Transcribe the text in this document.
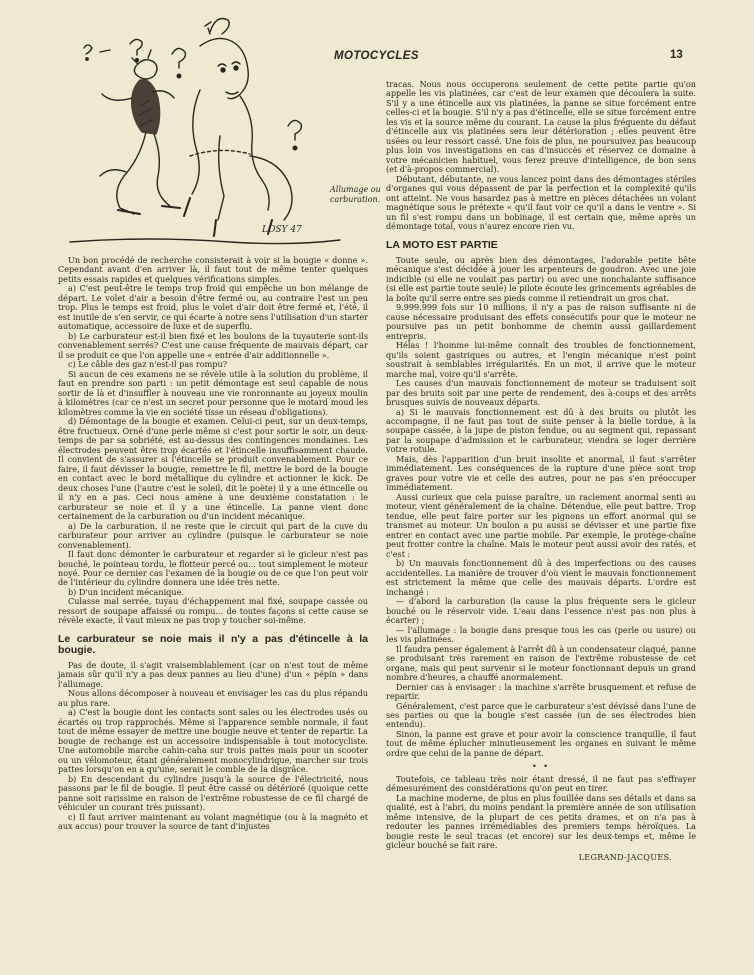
MOTOCYCLES	13
LOSY 47
Allumage ou carburation.

Un bon procédé de recherche consisterait à voir si la bougie « donne ». Cependant avant d'en arriver là, il faut tout de même tenter quelques petits essais rapides et quelques vérifications simples.

a) C'est peut-être le temps trop froid qui empêche un bon mélange de départ. Le volet d'air a besoin d'être fermé ou, au contraire l'est un peu trop. Plus le temps est froid, plus le volet d'air doit être fermé et, l'été, il est inutile de s'en servir, ce qui écarte à notre sens l'utilisation d'un starter automatique, accessoire de luxe et de superflu.

b) Le carburateur est-il bien fixé et les boulons de la tuyauterie sont-ils convenablement serrés? C'est une cause fréquente de mauvais départ, car il se produit ce que l'on appelle une « entrée d'air additionnelle ».

c) Le câble des gaz n'est-il pas rompu?

Si aucun de ces examens ne se révèle utile à la solution du problème, il faut en prendre son parti : un petit démontage est seul capable de nous sortir de là et d'insuffler à nouveau une vie ronronnante au joyeux moulin à kilomètres (car ce n'est un secret pour personne que le motard moud les kilomètres comme la vie en société tisse un réseau d'obligations).

d) Démontage de la bougie et examen. Celui-ci peut, sur un deux-temps, être fructueux. Orné d'une perle même si c'est pour sortir le soir, un deux-temps de par sa sobriété, est au-dessus des contingences mondaines. Les électrodes peuvent être trop écartés et l'étincelle insuffisamment chaude. Il convient de s'assurer si l'étincelle se produit convenablement. Pour ce faire, il faut dévisser la bougie, remettre le fil, mettre le bord de la bougie en contact avec le bord métallique du cylindre et actionner le kick. De deux choses l'une (l'autre c'est le soleil, dit le poète) il y a une étincelle ou il n'y en a pas. Ceci nous amène à une deuxième constatation : le carburateur se noie et il y a une étincelle. La panne vient donc certainement de la carburation ou d'un incident mécanique.

a) De la carburation, il ne reste que le circuit qui part de la cuve du carburateur pour arriver au cylindre (puisque le carburateur se noie convenablement).

Il faut donc démonter le carburateur et regarder si le gicleur n'est pas bouché, le pointeau tordu, le flotteur percé ou... tout simplement le moteur noyé. Pour ce dernier cas l'examen de la bougie ou de ce que l'on peut voir de l'intérieur du cylindre donnera une idée très nette.

b) D'un incident mécanique.

Culasse mal serrée, tuyau d'échappement mal fixé, soupape cassée ou ressort de soupape affaissé ou rompu... de toutes façons si cette cause se révèle exacte, il vaut mieux ne pas trop y toucher soi-même.

Le carburateur se noie mais il n'y a pas d'étincelle à la bougie.

Pas de doute, il s'agit vraisemblablement (car on n'est tout de même jamais sûr qu'il n'y a pas deux pannes au lieu d'une) d'un « pépin » dans l'allumage.

Nous allons décomposer à nouveau et envisager les cas du plus répandu au plus rare.

a) C'est la bougie dont les contacts sont sales ou les électrodes usés ou écartés ou trop rapprochés. Même si l'apparence semble normale, il faut tout de même essayer de mettre une bougie neuve et tenter de repartir. La bougie de rechange est un accessoire indispensable à tout motocycliste. Une automobile marche cahin-caha sur trois pattes mais pour un scooter ou un vélomoteur, étant généralement monocylindrique, marcher sur trois pattes lorsqu'on en a qu'une, serait le comble de la disgrâce.

b) En descendant du cylindre jusqu'à la source de l'électricité, nous passons par le fil de bougie. Il peut être cassé ou détérioré (quoique cette panne soit rarissime en raison de l'extrême robustesse de ce fil chargé de véhiculer un courant très puissant).

c) Il faut arriver maintenant au volant magnétique (ou à la magnéto et aux accus) pour trouver la source de tant d'injustes

tracas. Nous nous occuperons seulement de cette petite partie qu'on appelle les vis platinées, car c'est de leur examen que découlera la suite. S'il y a une étincelle aux vis platinées, la panne se situe forcément entre celles-ci et la bougie. S'il n'y a pas d'étincelle, elle se situe forcément entre les vis et la source même du courant. La cause la plus fréquente du défaut d'étincelle aux vis platinées sera leur détérioration ; elles peuvent être usées ou leur ressort cassé. Une fois de plus, ne poursuivez pas beaucoup plus loin vos investigations en cas d'insuccès et réservez ce domaine à votre mécanicien habituel, vous ferez preuve d'intelligence, de bon sens (et d'à-propos commercial).

Débutant, débutante, ne vous lancez point dans des démontages stériles d'organes qui vous dépassent de par la perfection et la complexité qu'ils ont atteint. Ne vous hasardez pas à mettre en pièces détachées un volant magnétique sous le prétexte « qu'il faut voir ce qu'il a dans le ventre ». Si un fil s'est rompu dans un bobinage, il est certain que, même après un démontage total, vous n'aurez encore rien vu.

LA MOTO EST PARTIE

Toute seule, ou après bien des démontages, l'adorable petite bête mécanique s'est décidée à jouer les arpenteurs de goudron. Avec une joie indicible (si elle ne voulait pas partir) ou avec une nonchalante suffisance (si elle est partie toute seule) le pilote écoute les grincements agréables de la boîte qu'il serre entre ses pieds comme il retiendrait un gros chat.

9.999.999 fois sur 10 millions, il n'y a pas de raison suffisante ni de cause nécessaire produisant des effets consécutifs pour que le moteur ne poursuive pas un petit bonhomme de chemin aussi gaillardement entrepris.

Hélas ! l'homme lui-même connaît des troubles de fonctionnement, qu'ils soient gastriques ou autres, et l'engin mécanique n'est point soustrait à semblables irrégularités. En un mot, il arrive que le moteur marche mal, voire qu'il s'arrête.

Les causes d'un mauvais fonctionnement de moteur se traduisent soit par des bruits soit par une perte de rendement, des à-coups et des arrêts brusques suivis de nouveaux départs.

a) Si le mauvais fonctionnement est dû à des bruits ou plutôt les accompagne, il ne faut pas tout de suite penser à la bielle tordue, à la soupape cassée, à la jupe de piston fendue, ou au segment qui, repassant par la soupape d'admission et le carburateur, viendra se loger derrière votre rotule.

Mais, dès l'apparition d'un bruit insolite et anormal, il faut s'arrêter immédiatement. Les conséquences de la rupture d'une pièce sont trop graves pour votre vie et celle des autres, pour ne pas s'en préoccuper immédiatement.

Aussi curieux que cela puisse paraître, un raclement anormal senti au moteur, vient généralement de la chaîne. Détendue, elle peut battre. Trop tendue, elle peut faire porter sur les pignons un effort anormal qui se transmet au moteur. Un boulon a pu aussi se dévisser et une partie fixe entrer en contact avec une partie mobile. Par exemple, le protège-chaîne peut frotter contre la chaîne. Mais le moteur peut aussi avoir des ratés, et c'est :

b) Un mauvais fonctionnement dû à des imperfections ou des causes accidentelles. La manière de trouver d'où vient le mauvais fonctionnement est strictement la même que celle des mauvais départs. L'ordre est inchangé :

— d'abord la carburation (la cause la plus fréquente sera le gicleur bouché ou le réservoir vide. L'eau dans l'essence n'est pas non plus à écarter) ;

— l'allumage : la bougie dans presque tous les cas (perle ou usure) ou les vis platinées.

Il faudra penser également à l'arrêt dû à un condensateur claqué, panne se produisant très rarement en raison de l'extrême robustesse de cet organe, mais qui peut survenir si le moteur fonctionnant depuis un grand nombre d'heures, a chauffé anormalement.

Dernier cas à envisager : la machine s'arrête brusquement et refuse de repartir.

Généralement, c'est parce que le carburateur s'est dévissé dans l'une de ses parties ou que la bougie s'est cassée (un de ses électrodes bien entendu).

Sinon, la panne est grave et pour avoir la conscience tranquille, il faut tout de même éplucher minutieusement les organes en suivant le même ordre que celui de la panne de départ.

• •

Toutefois, ce tableau très noir étant dressé, il ne faut pas s'effrayer démesurément des considérations qu'on peut en tirer.

La machine moderne, de plus en plus fouillée dans ses détails et dans sa qualité, est à l'abri, du moins pendant la première année de son utilisation même intensive, de la plupart de ces petits drames, et on n'a pas à redouter les pannes irrémédiables des premiers temps héroïques. La bougie reste le seul tracas (et encore) sur les deux-temps et, même le gicleur bouché se fait rare.

LEGRAND-JACQUES.
